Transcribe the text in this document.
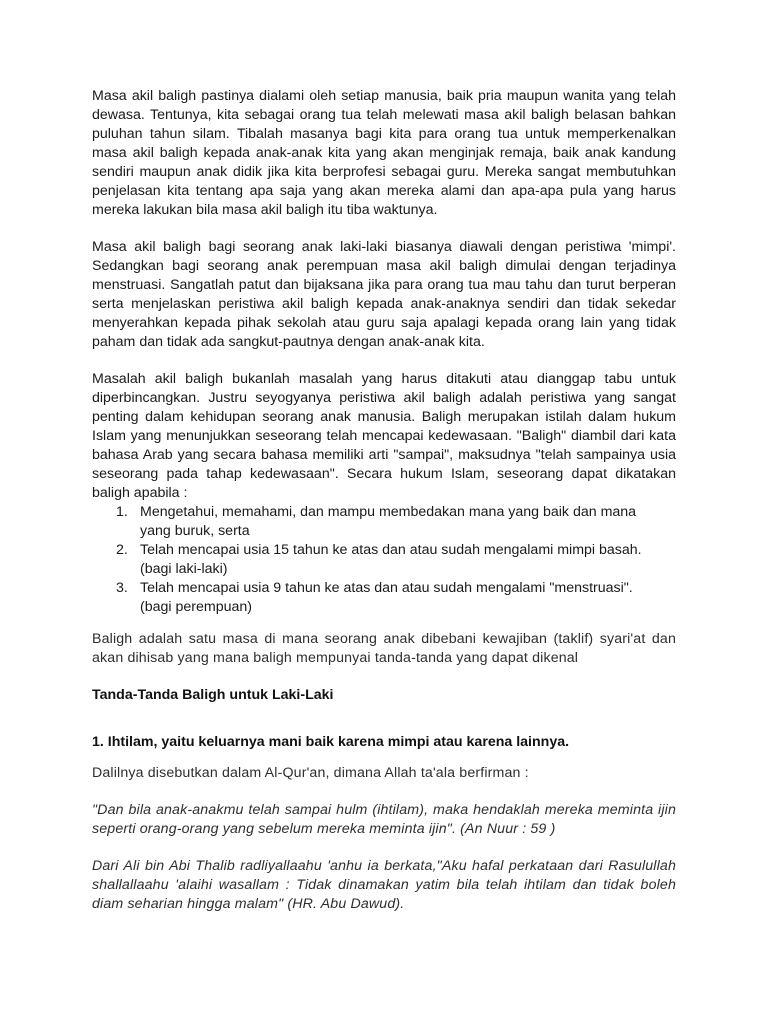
Masa akil baligh pastinya dialami oleh setiap manusia, baik pria maupun wanita yang telah dewasa. Tentunya, kita sebagai orang tua telah melewati masa akil baligh belasan bahkan puluhan tahun silam. Tibalah masanya bagi kita para orang tua untuk memperkenalkan masa akil baligh kepada anak-anak kita yang akan menginjak remaja, baik anak kandung sendiri maupun anak didik jika kita berprofesi sebagai guru. Mereka sangat membutuhkan penjelasan kita tentang apa saja yang akan mereka alami dan apa-apa pula yang harus mereka lakukan bila masa akil baligh itu tiba waktunya.

Masa akil baligh bagi seorang anak laki-laki biasanya diawali dengan peristiwa 'mimpi'. Sedangkan bagi seorang anak perempuan masa akil baligh dimulai dengan terjadinya menstruasi. Sangatlah patut dan bijaksana jika para orang tua mau tahu dan turut berperan serta menjelaskan peristiwa akil baligh kepada anak-anaknya sendiri dan tidak sekedar menyerahkan kepada pihak sekolah atau guru saja apalagi kepada orang lain yang tidak paham dan tidak ada sangkut-pautnya dengan anak-anak kita.

Masalah akil baligh bukanlah masalah yang harus ditakuti atau dianggap tabu untuk diperbincangkan. Justru seyogyanya peristiwa akil baligh adalah peristiwa yang sangat penting dalam kehidupan seorang anak manusia. Baligh merupakan istilah dalam hukum Islam yang menunjukkan seseorang telah mencapai kedewasaan. "Baligh" diambil dari kata bahasa Arab yang secara bahasa memiliki arti "sampai", maksudnya "telah sampainya usia seseorang pada tahap kedewasaan". Secara hukum Islam, seseorang dapat dikatakan baligh apabila :

1. Mengetahui, memahami, dan mampu membedakan mana yang baik dan mana yang buruk, serta
2. Telah mencapai usia 15 tahun ke atas dan atau sudah mengalami mimpi basah.(bagi laki-laki)
3. Telah mencapai usia 9 tahun ke atas dan atau sudah mengalami "menstruasi". (bagi perempuan)

Baligh adalah satu masa di mana seorang anak dibebani kewajiban (taklif) syari'at dan akan dihisab yang mana baligh mempunyai tanda-tanda yang dapat dikenal

Tanda-Tanda Baligh untuk Laki-Laki

1. Ihtilam, yaitu keluarnya mani baik karena mimpi atau karena lainnya.

Dalilnya disebutkan dalam Al-Qur'an, dimana Allah ta'ala berfirman :

"Dan bila anak-anakmu telah sampai hulm (ihtilam), maka hendaklah mereka meminta ijin seperti orang-orang yang sebelum mereka meminta ijin". (An Nuur : 59 )

Dari Ali bin Abi Thalib radliyallaahu 'anhu ia berkata,"Aku hafal perkataan dari Rasulullah shallallaahu 'alaihi wasallam : Tidak dinamakan yatim bila telah ihtilam dan tidak boleh diam seharian hingga malam" (HR. Abu Dawud).
